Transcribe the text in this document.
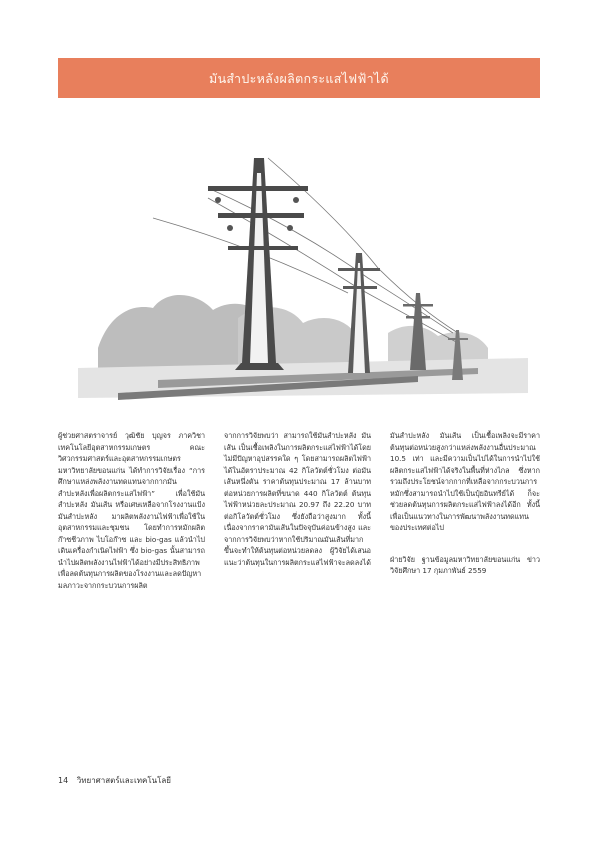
มันสำปะหลังผลิตกระแสไฟฟ้าได้

ผู้ช่วยศาสตราจารย์ วุฒิชัย บุญจร ภาควิชาเทคโนโลยีอุตสาหกรรมเกษตร คณะวิศวกรรมศาสตร์และอุตสาหกรรมเกษตร มหาวิทยาลัยขอนแก่น ได้ทำการวิจัยเรื่อง “การศึกษาแหล่งพลังงานทดแทนจากกากมันสำปะหลังเพื่อผลิตกระแสไฟฟ้า” เพื่อใช้มันสำปะหลัง มันเส้น หรือเศษเหลือจากโรงงานแป้งมันสำปะหลัง มาผลิตพลังงานไฟฟ้าเพื่อใช้ในอุตสาหกรรมและชุมชน โดยทำการหมักผลิตก๊าซชีวภาพ ไบโอก๊าซ และ bio-gas แล้วนำไปเดินเครื่องกำเนิดไฟฟ้า ซึ่ง bio-gas นั้นสามารถนำไปผลิตพลังงานไฟฟ้าได้อย่างมีประสิทธิภาพ เพื่อลดต้นทุนการผลิตของโรงงานและลดปัญหามลภาวะจากกระบวนการผลิต

จากการวิจัยพบว่า สามารถใช้มันสำปะหลัง มันเส้น เป็นเชื้อเพลิงในการผลิตกระแสไฟฟ้าได้โดยไม่มีปัญหาอุปสรรคใด ๆ โดยสามารถผลิตไฟฟ้าได้ในอัตราประมาณ 42 กิโลวัตต์ชั่วโมง ต่อมันเส้นหนึ่งตัน ราคาต้นทุนประมาณ 17 ล้านบาทต่อหน่วยการผลิตที่ขนาด 440 กิโลวัตต์ ต้นทุนไฟฟ้าหน่วยละประมาณ 20.97 ถึง 22.20 บาทต่อกิโลวัตต์ชั่วโมง ซึ่งยังถือว่าสูงมาก ทั้งนี้เนื่องจากราคามันเส้นในปัจจุบันค่อนข้างสูง และจากการวิจัยพบว่าหากใช้ปริมาณมันเส้นที่มากขึ้นจะทำให้ต้นทุนต่อหน่วยลดลง ผู้วิจัยได้เสนอแนะว่าต้นทุนในการผลิตกระแสไฟฟ้าจะลดลงได้

มันสำปะหลัง มันเส้น เป็นเชื้อเพลิงจะมีราคาต้นทุนต่อหน่วยสูงกว่าแหล่งพลังงานอื่นประมาณ 10.5 เท่า และมีความเป็นไปได้ในการนำไปใช้ผลิตกระแสไฟฟ้าได้จริงในพื้นที่ห่างไกล ซึ่งหากรวมถึงประโยชน์จากกากที่เหลือจากกระบวนการหมักซึ่งสามารถนำไปใช้เป็นปุ๋ยอินทรีย์ได้ ก็จะช่วยลดต้นทุนการผลิตกระแสไฟฟ้าลงได้อีก ทั้งนี้เพื่อเป็นแนวทางในการพัฒนาพลังงานทดแทนของประเทศต่อไป

ฝ่ายวิจัย ฐานข้อมูลมหาวิทยาลัยขอนแก่น ข่าววิจัยศึกษา 17 กุมภาพันธ์ 2559

14 วิทยาศาสตร์และเทคโนโลยี
